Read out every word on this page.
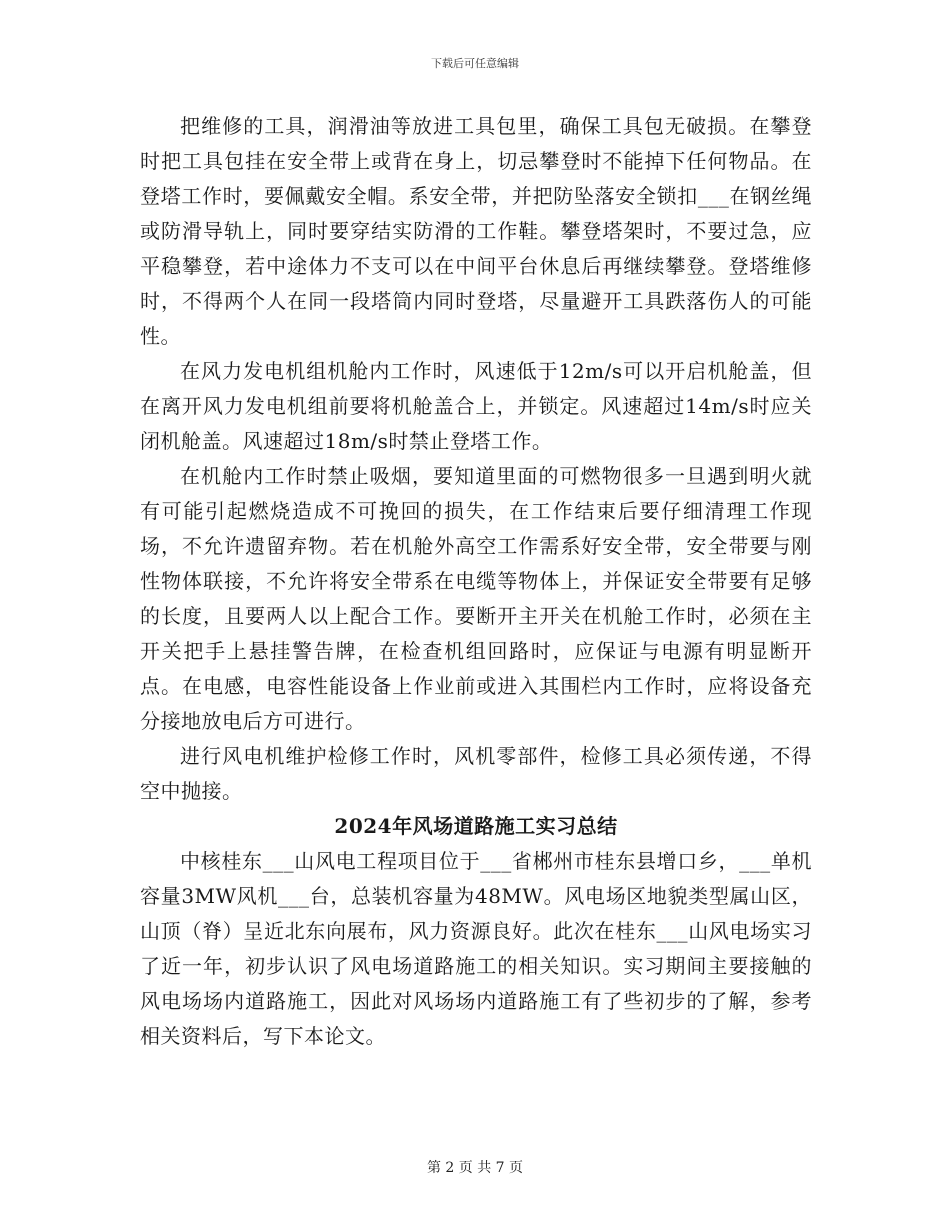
下载后可任意编辑

把维修的工具，润滑油等放进工具包里，确保工具包无破损。在攀登时把工具包挂在安全带上或背在身上，切忌攀登时不能掉下任何物品。在登塔工作时，要佩戴安全帽。系安全带，并把防坠落安全锁扣___在钢丝绳或防滑导轨上，同时要穿结实防滑的工作鞋。攀登塔架时，不要过急，应平稳攀登，若中途体力不支可以在中间平台休息后再继续攀登。登塔维修时，不得两个人在同一段塔筒内同时登塔，尽量避开工具跌落伤人的可能性。

在风力发电机组机舱内工作时，风速低于12m/s可以开启机舱盖，但在离开风力发电机组前要将机舱盖合上，并锁定。风速超过14m/s时应关闭机舱盖。风速超过18m/s时禁止登塔工作。

在机舱内工作时禁止吸烟，要知道里面的可燃物很多一旦遇到明火就有可能引起燃烧造成不可挽回的损失，在工作结束后要仔细清理工作现场，不允许遗留弃物。若在机舱外高空工作需系好安全带，安全带要与刚性物体联接，不允许将安全带系在电缆等物体上，并保证安全带要有足够的长度，且要两人以上配合工作。要断开主开关在机舱工作时，必须在主开关把手上悬挂警告牌，在检查机组回路时，应保证与电源有明显断开点。在电感，电容性能设备上作业前或进入其围栏内工作时，应将设备充分接地放电后方可进行。

进行风电机维护检修工作时，风机零部件，检修工具必须传递，不得空中抛接。

2024年风场道路施工实习总结

中核桂东___山风电工程项目位于___省郴州市桂东县增口乡，___单机容量3MW风机___台，总装机容量为48MW。风电场区地貌类型属山区，山顶（脊）呈近北东向展布，风力资源良好。此次在桂东___山风电场实习了近一年，初步认识了风电场道路施工的相关知识。实习期间主要接触的风电场场内道路施工，因此对风场场内道路施工有了些初步的了解，参考相关资料后，写下本论文。

第 2 页 共 7 页
